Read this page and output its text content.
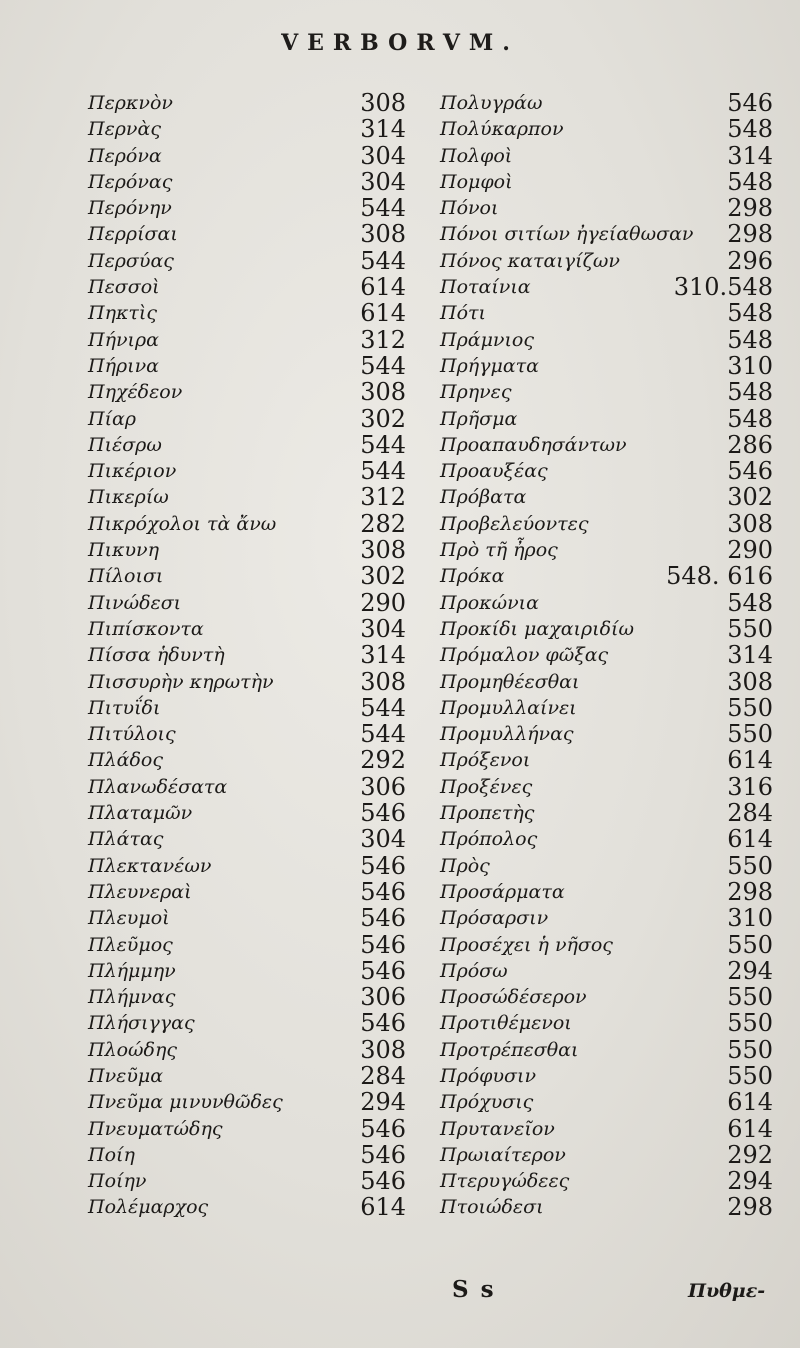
VERBORVM.
Περκνὸν	308
Περνὰς	314
Περόνα	304
Περόνας	304
Περόνην	544
Περρίσαι	308
Περσύας	544
Πεσσοὶ	614
Πηκτὶς	614
Πήνιρα	312
Πήρινα	544
Πηχέδεον	308
Πίαρ	302
Πιέσρω	544
Πικέριον	544
Πικερίω	312
Πικρόχολοι τὰ ἄνω	282
Πικυνη	308
Πίλοισι	302
Πινώδεσι	290
Πιπίσκοντα	304
Πίσσα ἡδυντὴ	314
Πισσυρὴν κηρωτὴν	308
Πιτυΐδι	544
Πιτύλοις	544
Πλάδος	292
Πλανωδέσατα	306
Πλαταμῶν	546
Πλάτας	304
Πλεκτανέων	546
Πλευνεραὶ	546
Πλευμοὶ	546
Πλεῦμος	546
Πλήμμην	546
Πλήμνας	306
Πλήσιγγας	546
Πλοώδης	308
Πνεῦμα	284
Πνεῦμα μινυνθῶδες	294
Πνευματώδης	546
Ποίη	546
Ποίην	546
Πολέμαρχος	614
Πολυγράω	546
Πολύκαρπον	548
Πολφοὶ	314
Πομφοὶ	548
Πόνοι	298
Πόνοι σιτίων ἠγείαθωσαν 298
Πόνος καταιγίζων	296
Ποταίνια	310.548
Πότι	548
Πράμνιος	548
Πρήγματα	310
Πρηνες	548
Πρῆσμα	548
Προαπαυδησάντων	286
Προαυξέας	546
Πρόβατα	302
Προβελεύοντες	308
Πρὸ τῆ ἦρος	290
Πρόκα	548. 616
Προκώνια	548
Προκίδι μαχαιριδίω	550
Πρόμαλον φῶξας	314
Προμηθέεσθαι	308
Προμυλλαίνει	550
Προμυλλήνας	550
Πρόξενοι	614
Προξένες	316
Προπετὴς	284
Πρόπολος	614
Πρὸς	550
Προσάρματα	298
Πρόσαρσιν	310
Προσέχει ἡ νῆσος	550
Πρόσω	294
Προσώδέσερον	550
Προτιθέμενοι	550
Προτρέπεσθαι	550
Πρόφυσιν	550
Πρόχυσις	614
Πρυτανεῖον	614
Πρωιαίτερον	292
Πτερυγώδεες	294
Πτοιώδεσι	298
S s	Πυθμε-
